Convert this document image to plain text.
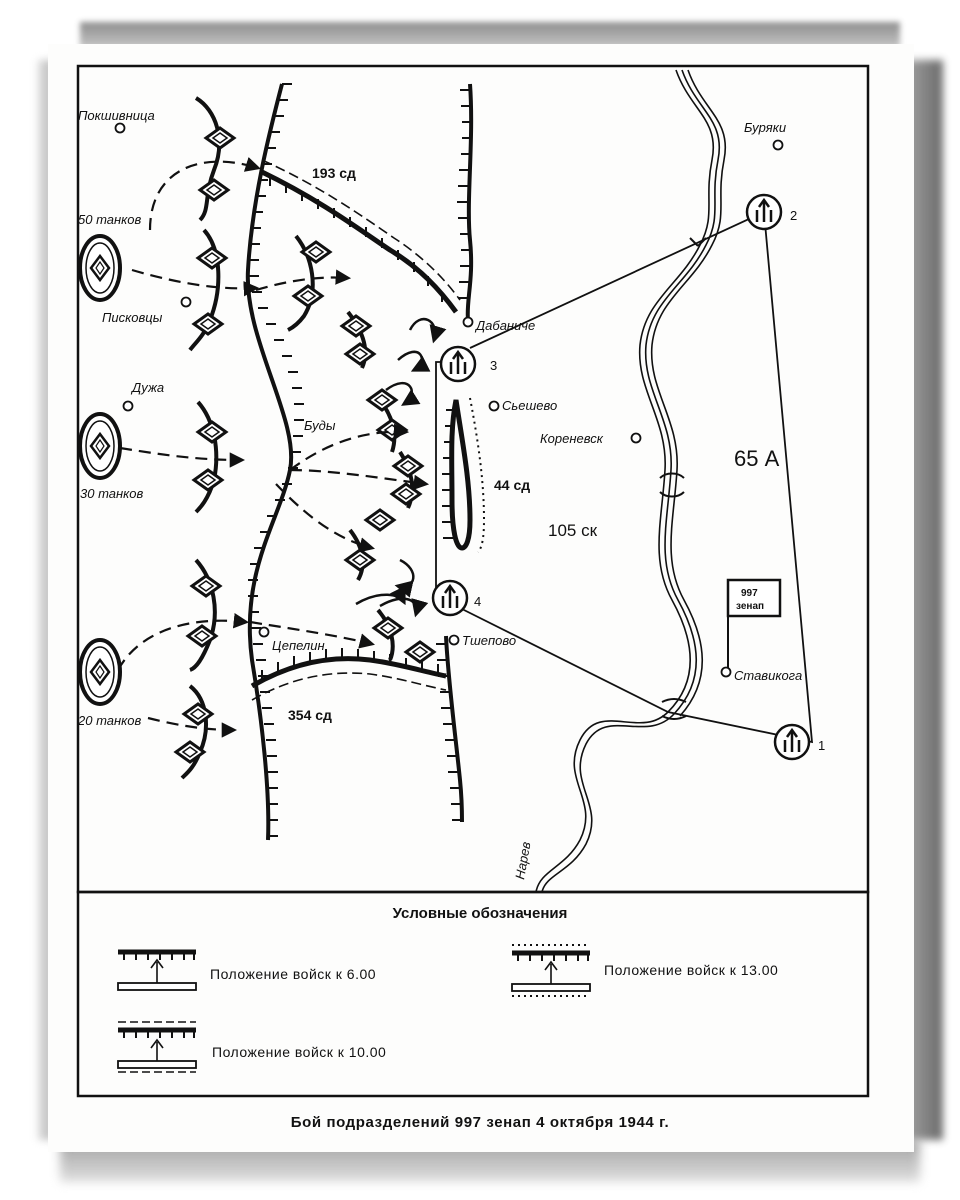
Покшивница
Буряки
Писковцы
Дабаниче
Дужа
Сьешево
Кореневск
Буды
Цепелин	Тшепово
Ставикога
Нарев
193 сд
44 сд
105 ск
65 А
354 сд
997
зенап
50 танков
30 танков
20 танков
1
2
3
4
Условные обозначения
Положение войск к 6.00
Положение войск к 10.00
Положение войск к 13.00
Бой подразделений 997 зенап 4 октября 1944 г.
